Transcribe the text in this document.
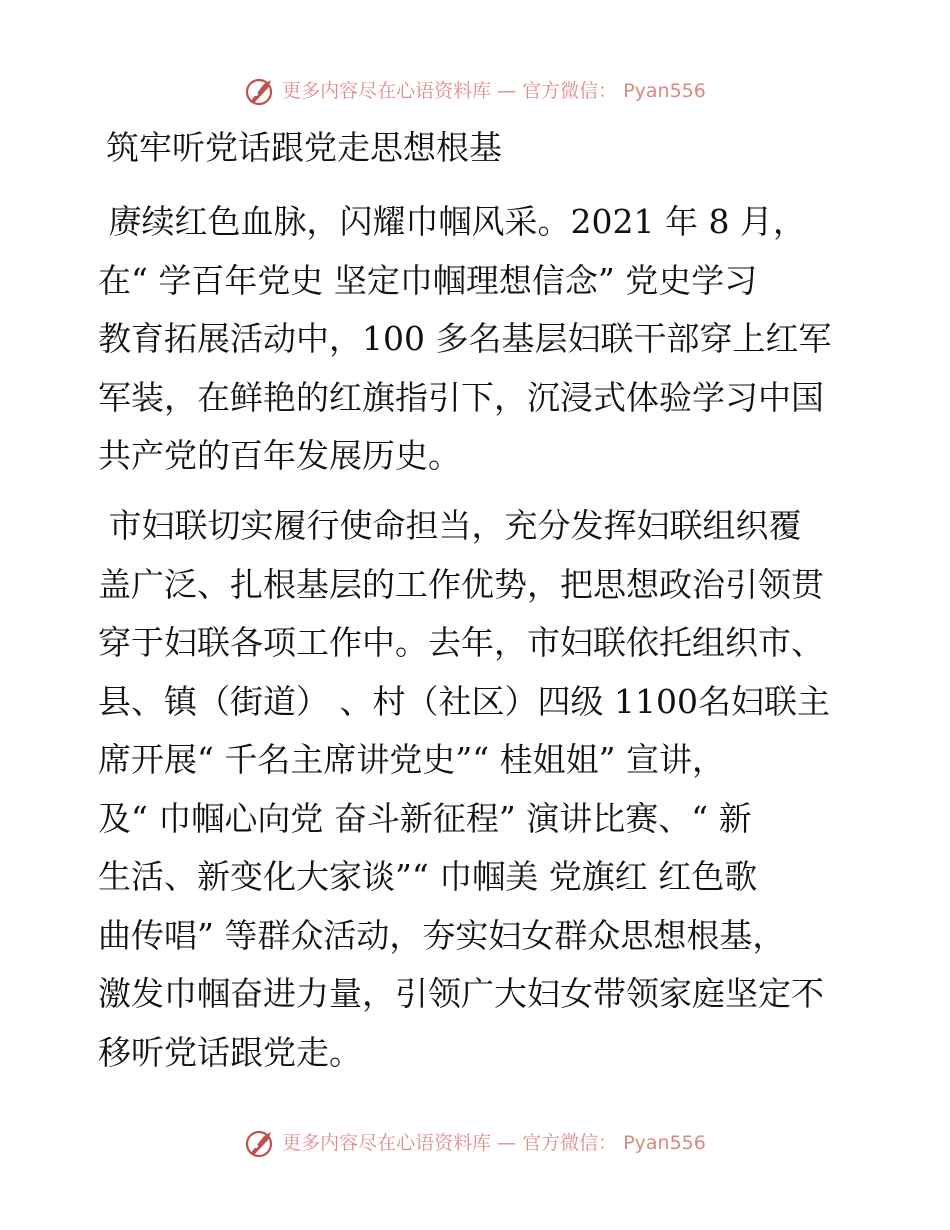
更多内容尽在心语资料库 — 官方微信： Pyan556
筑牢听党话跟党走思想根基
赓续红色血脉，闪耀巾帼风采。2021 年 8 月，
在“ 学百年党史 坚定巾帼理想信念” 党史学习
教育拓展活动中，100 多名基层妇联干部穿上红军
军装，在鲜艳的红旗指引下，沉浸式体验学习中国
共产党的百年发展历史。
市妇联切实履行使命担当，充分发挥妇联组织覆
盖广泛、扎根基层的工作优势，把思想政治引领贯
穿于妇联各项工作中。去年，市妇联依托组织市、
县、镇（街道） 、村（社区）四级 1100名妇联主
席开展“ 千名主席讲党史”“ 桂姐姐” 宣讲，
及“ 巾帼心向党 奋斗新征程” 演讲比赛、“ 新
生活、新变化大家谈”“ 巾帼美 党旗红 红色歌
曲传唱” 等群众活动，夯实妇女群众思想根基，
激发巾帼奋进力量，引领广大妇女带领家庭坚定不
移听党话跟党走。
更多内容尽在心语资料库 — 官方微信： Pyan556
